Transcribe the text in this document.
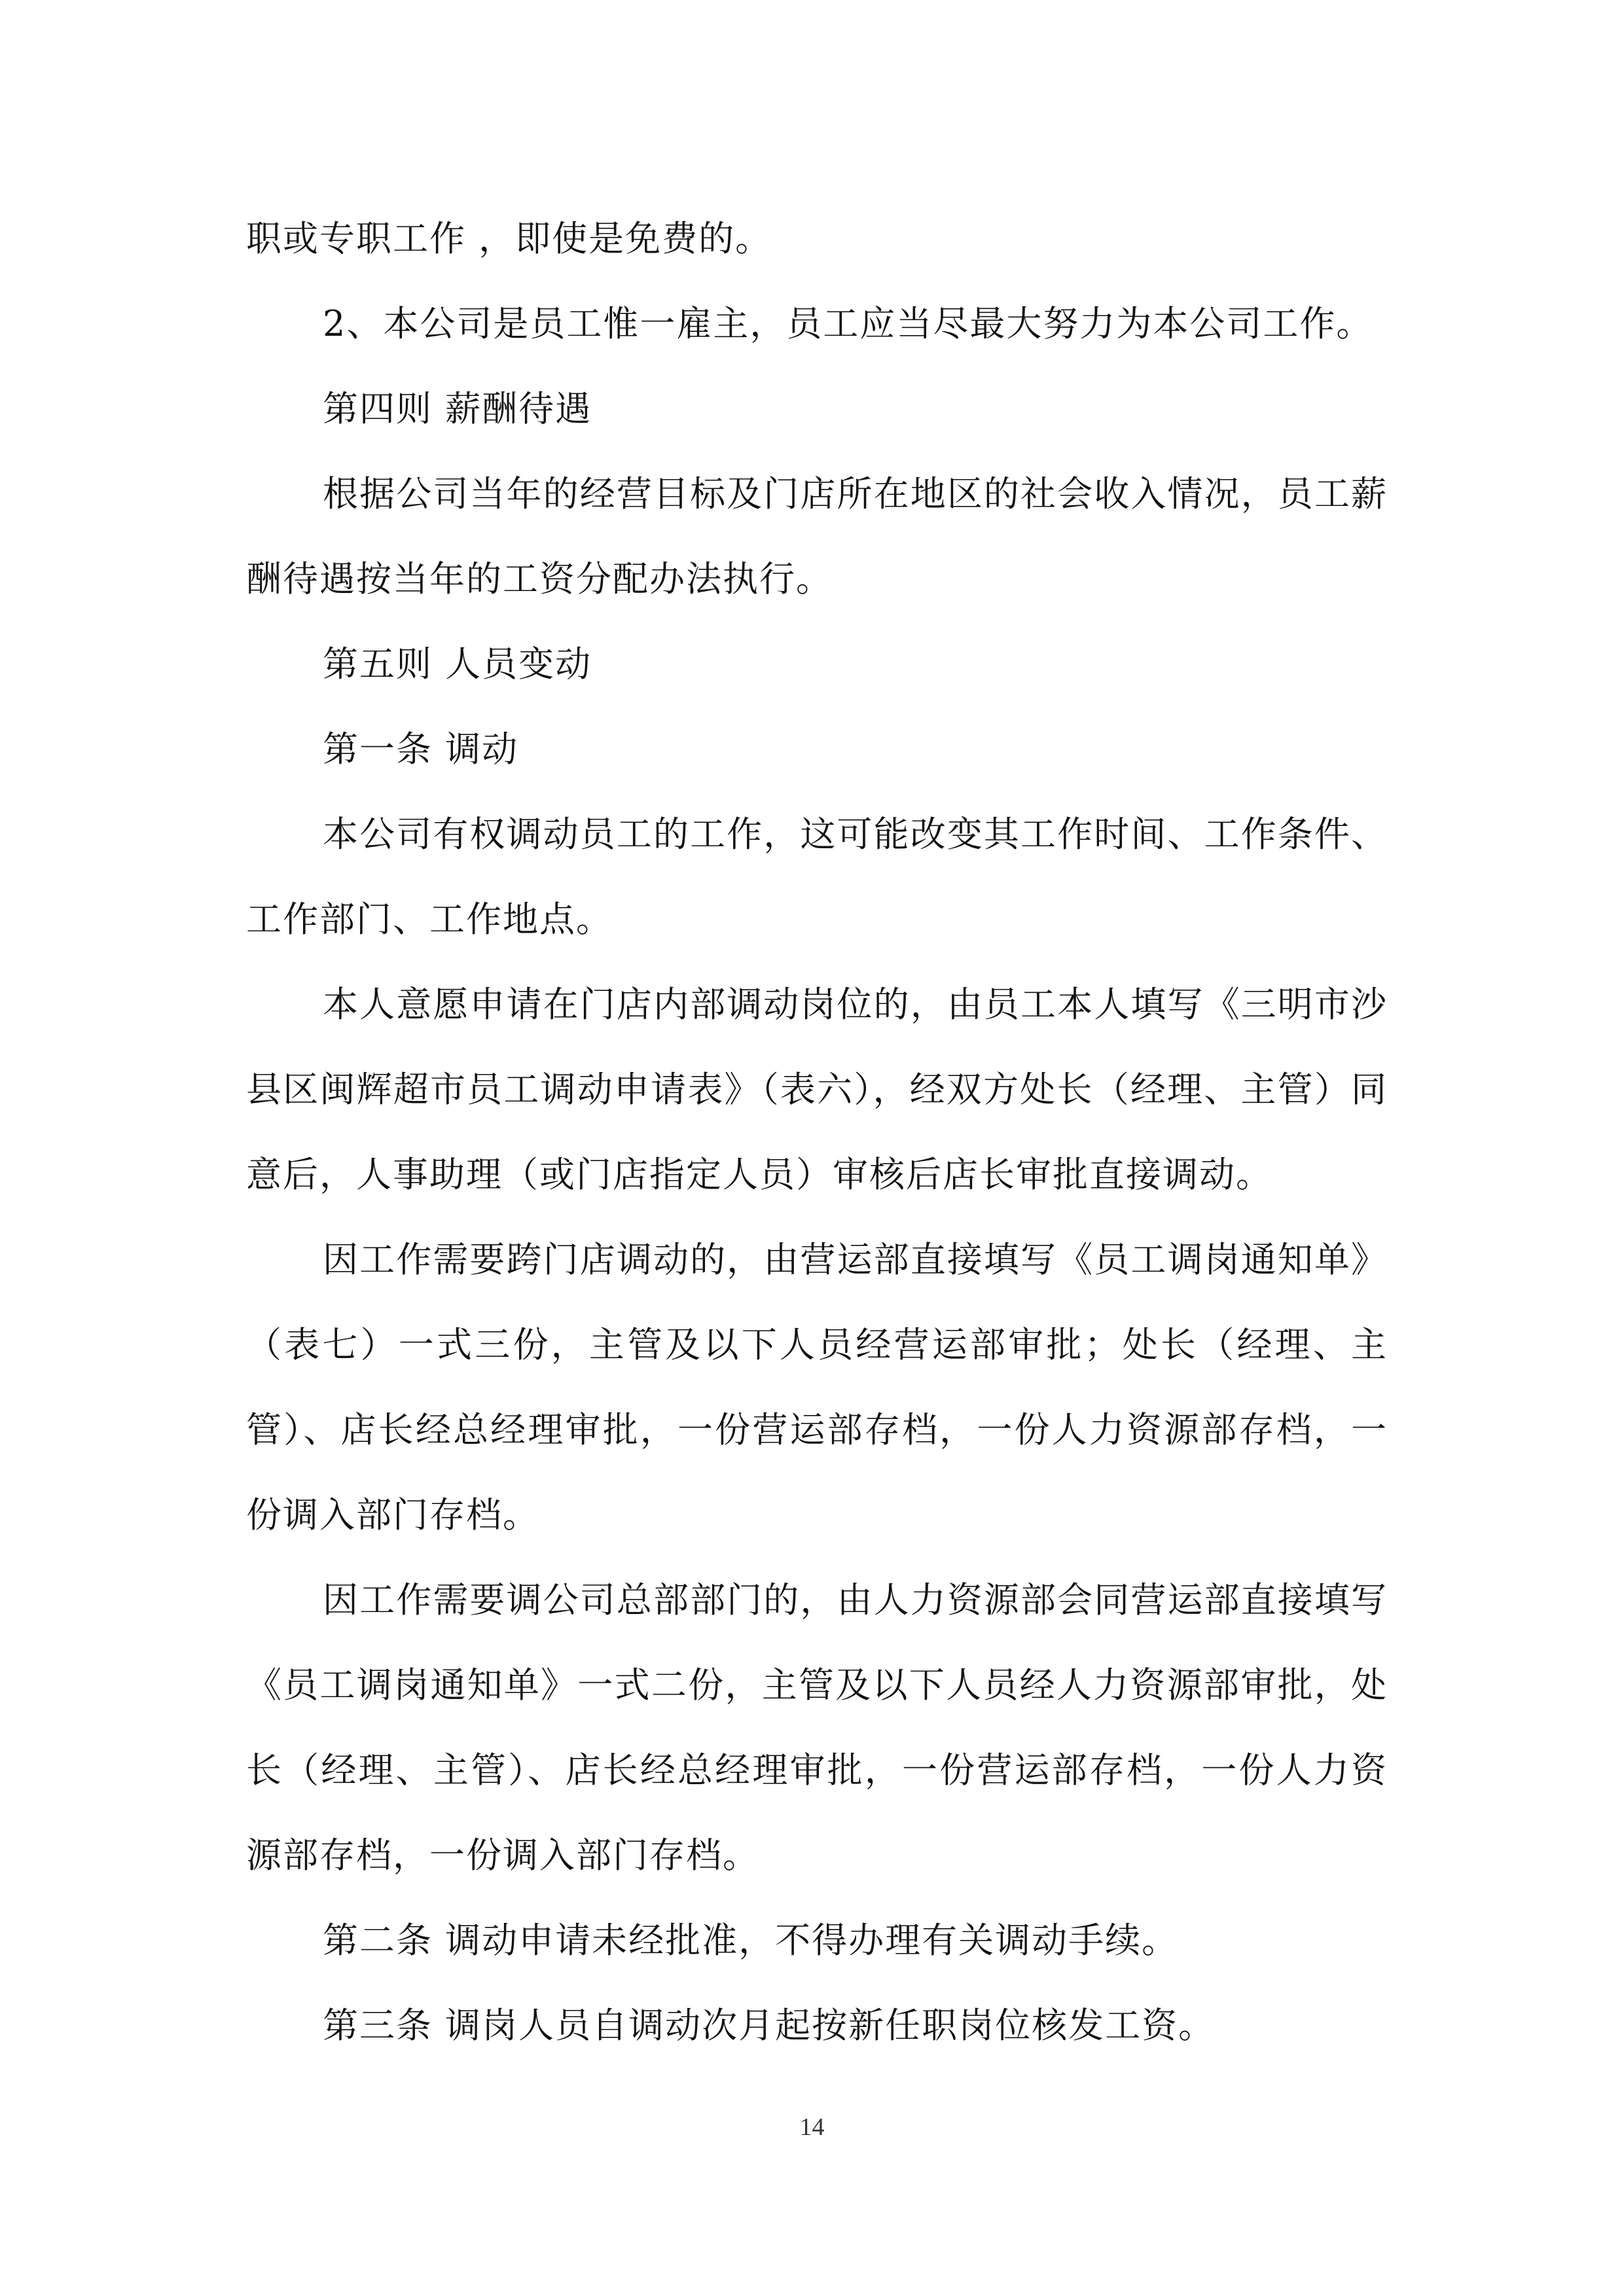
职或专职工作 ，即使是免费的。

2、本公司是员工惟一雇主，员工应当尽最大努力为本公司工作。

第四则 薪酬待遇

根据公司当年的经营目标及门店所在地区的社会收入情况，员工薪酬待遇按当年的工资分配办法执行。

第五则 人员变动

第一条 调动

本公司有权调动员工的工作，这可能改变其工作时间、工作条件、工作部门、工作地点。

本人意愿申请在门店内部调动岗位的，由员工本人填写《三明市沙县区闽辉超市员工调动申请表》（表六），经双方处长（经理、主管）同意后，人事助理（或门店指定人员）审核后店长审批直接调动。

因工作需要跨门店调动的，由营运部直接填写《员工调岗通知单》（表七）一式三份，主管及以下人员经营运部审批；处长（经理、主管）、店长经总经理审批，一份营运部存档，一份人力资源部存档，一份调入部门存档。

因工作需要调公司总部部门的，由人力资源部会同营运部直接填写《员工调岗通知单》一式二份，主管及以下人员经人力资源部审批，处长（经理、主管）、店长经总经理审批，一份营运部存档，一份人力资源部存档，一份调入部门存档。

第二条 调动申请未经批准，不得办理有关调动手续。

第三条 调岗人员自调动次月起按新任职岗位核发工资。

14
